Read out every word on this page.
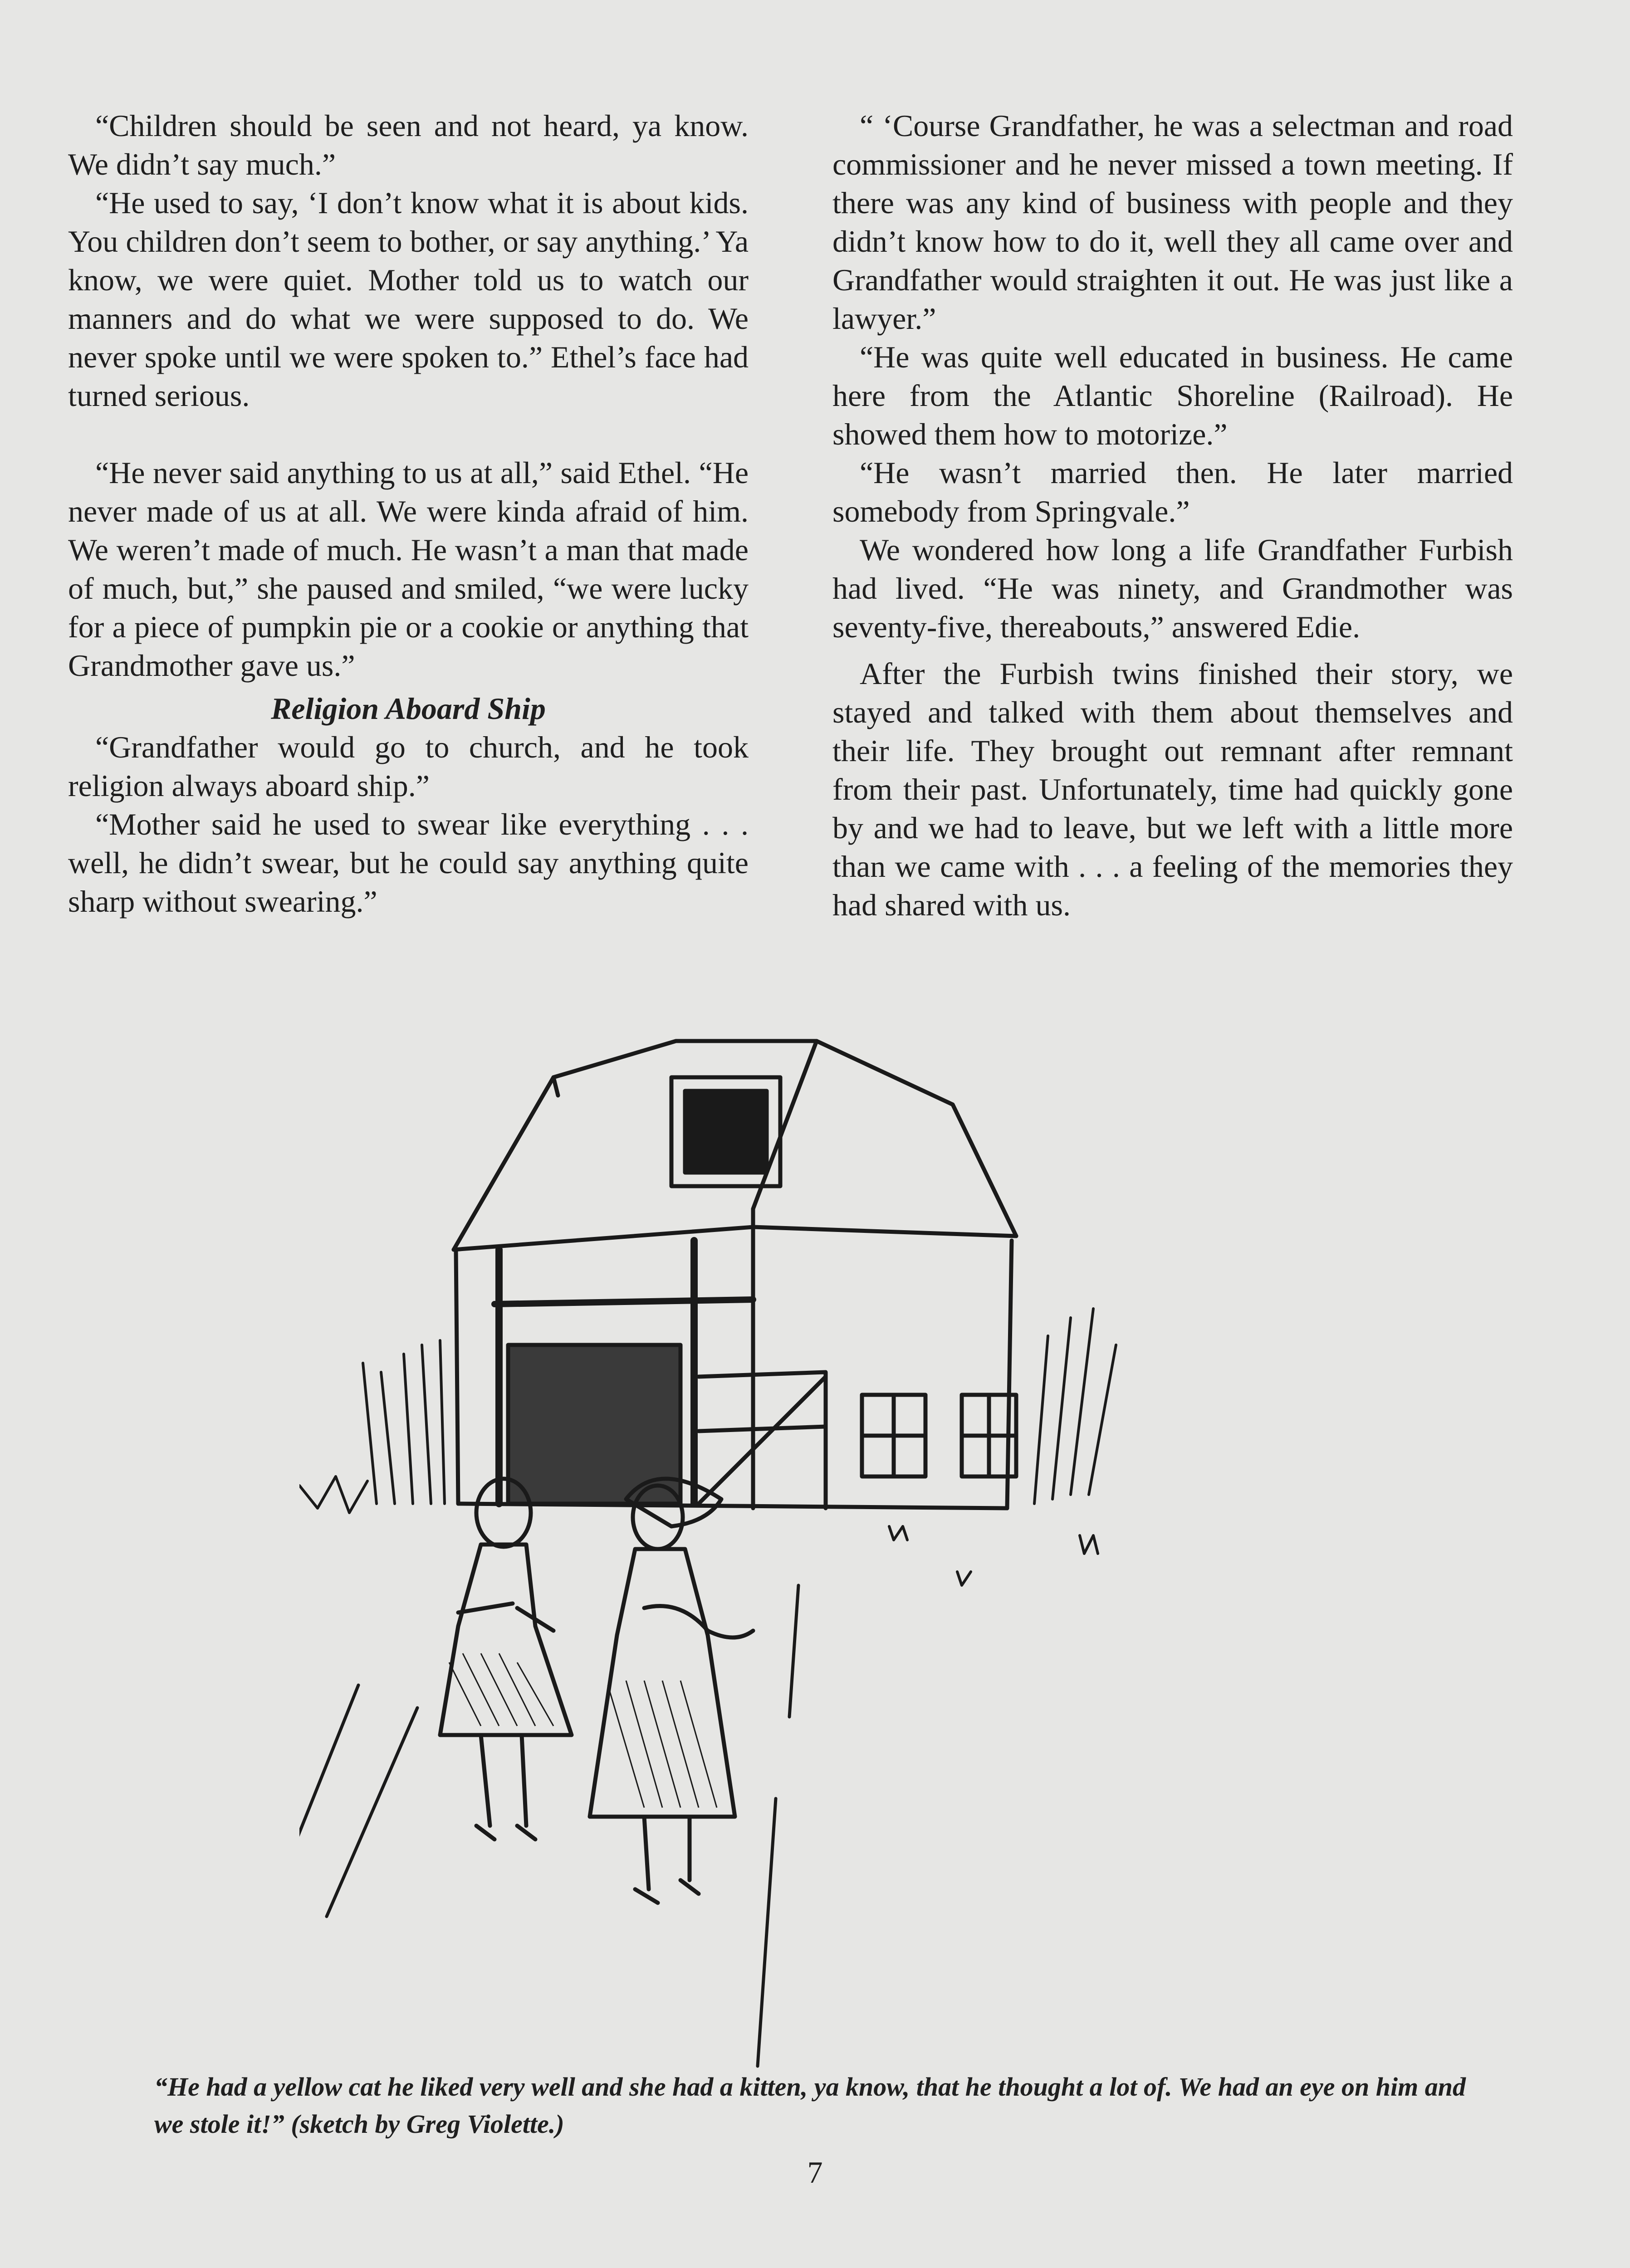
“Children should be seen and not heard, ya know. We didn’t say much.”

“He used to say, ‘I don’t know what it is about kids. You children don’t seem to bother, or say anything.’ Ya know, we were quiet. Mother told us to watch our manners and do what we were supposed to do. We never spoke until we were spoken to.” Ethel’s face had turned serious.

“He never said anything to us at all,” said Ethel. “He never made of us at all. We were kinda afraid of him. We weren’t made of much. He wasn’t a man that made of much, but,” she paused and smiled, “we were lucky for a piece of pumpkin pie or a cookie or anything that Grandmother gave us.”

Religion Aboard Ship

“Grandfather would go to church, and he took religion always aboard ship.”

“Mother said he used to swear like everything . . . well, he didn’t swear, but he could say anything quite sharp without swearing.”

“ ‘Course Grandfather, he was a selectman and road commissioner and he never missed a town meeting. If there was any kind of business with people and they didn’t know how to do it, well they all came over and Grandfather would straighten it out. He was just like a lawyer.”

“He was quite well educated in business. He came here from the Atlantic Shoreline (Railroad). He showed them how to motorize.”

“He wasn’t married then. He later married somebody from Springvale.”

We wondered how long a life Grandfather Furbish had lived. “He was ninety, and Grandmother was seventy-five, thereabouts,” answered Edie.

After the Furbish twins finished their story, we stayed and talked with them about themselves and their life. They brought out remnant after remnant from their past. Unfortunately, time had quickly gone by and we had to leave, but we left with a little more than we came with . . . a feeling of the memories they had shared with us.

“He had a yellow cat he liked very well and she had a kitten, ya know, that he thought a lot of. We had an eye on him and we stole it!” (sketch by Greg Violette.)
7
